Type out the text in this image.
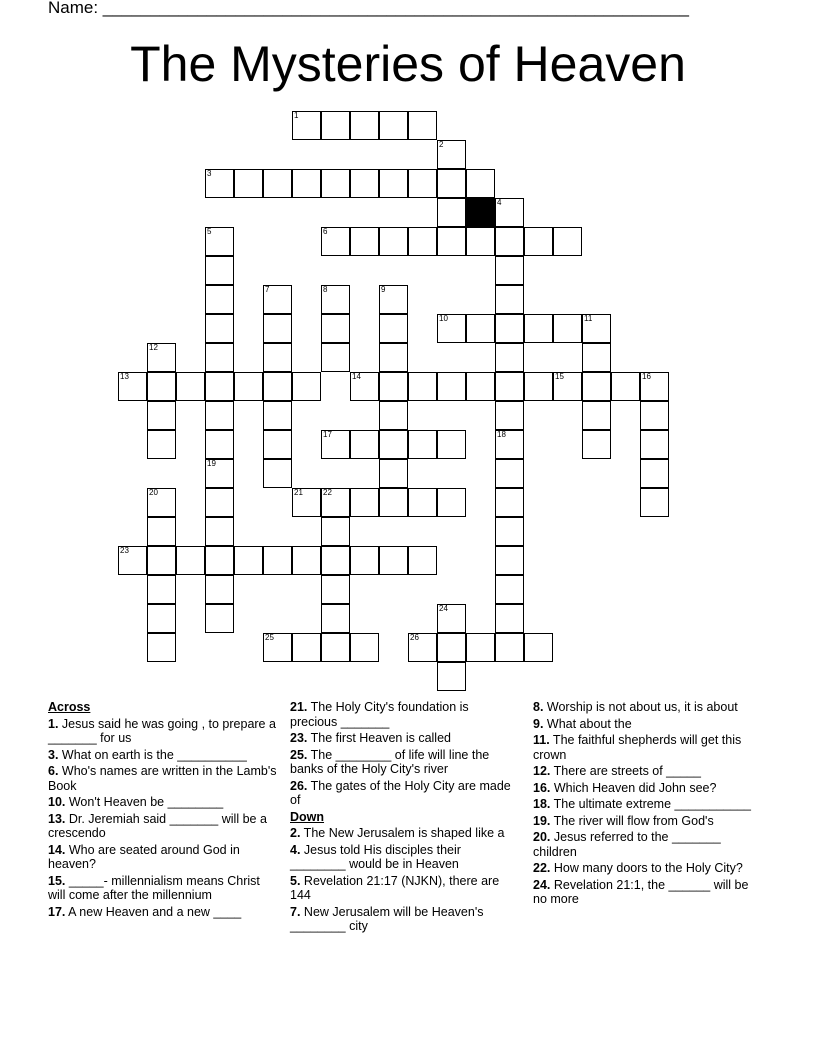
Name: ______________________________________________________________
The Mysteries of Heaven
1
3
6
10	11
13	14	15	16
17
21	22
23
25	26
2
4
18
5
19
7	8	9
12
20
24
Across
1. Jesus said he was going , to prepare a _______ for us
3. What on earth is the __________
6. Who's names are written in the Lamb's Book
10. Won't Heaven be ________
13. Dr. Jeremiah said _______ will be a crescendo
14. Who are seated around God in heaven?
15. _____- millennialism means Christ will come after the millennium
17. A new Heaven and a new ____
21. The Holy City's foundation is precious _______
23. The first Heaven is called
25. The ________ of life will line the banks of the Holy City's river
26. The gates of the Holy City are made of
Down
2. The New Jerusalem is shaped like a
4. Jesus told His disciples their ________ would be in Heaven
5. Revelation 21:17 (NJKN), there are 144
7. New Jerusalem will be Heaven's ________ city
8. Worship is not about us, it is about
9. What about the
11. The faithful shepherds will get this crown
12. There are streets of _____
16. Which Heaven did John see?
18. The ultimate extreme ___________
19. The river will flow from God's
20. Jesus referred to the _______ children
22. How many doors to the Holy City?
24. Revelation 21:1, the ______ will be no more
